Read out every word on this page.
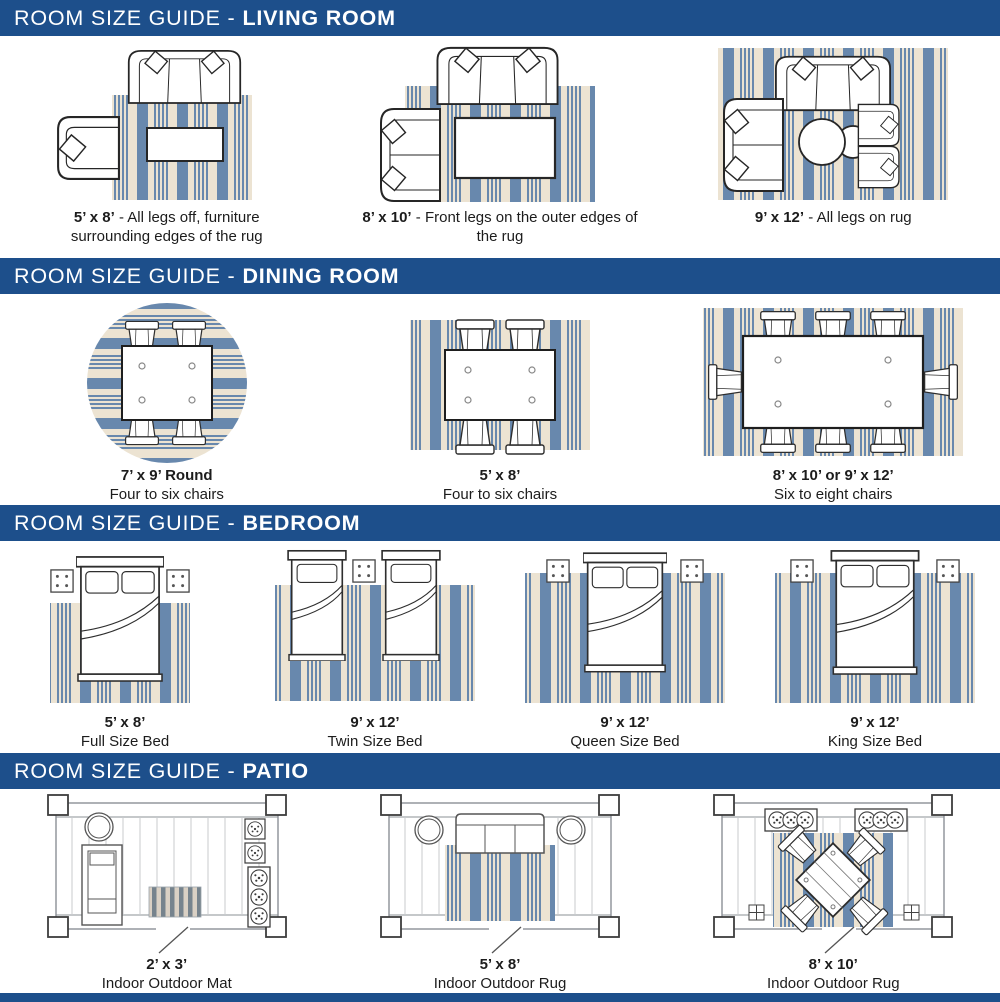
ROOM SIZE GUIDE - LIVING ROOM
5’ x 8’ - All legs off, furniture surrounding edges of the rug
8’ x 10’ - Front legs on the outer edges of the rug
9’ x 12’ - All legs on rug
ROOM SIZE GUIDE - DINING ROOM
7’ x 9’ Round
Four to six chairs
5’ x 8’
Four to six chairs
8’ x 10’ or 9’ x 12’
Six to eight chairs
ROOM SIZE GUIDE - BEDROOM
5’ x 8’
Full Size Bed
9’ x 12’
Twin Size Bed
9’ x 12’
Queen Size Bed
9’ x 12’
King Size Bed
ROOM SIZE GUIDE - PATIO
2’ x 3’
Indoor Outdoor Mat
5’ x 8’
Indoor Outdoor Rug
8’ x 10’
Indoor Outdoor Rug
